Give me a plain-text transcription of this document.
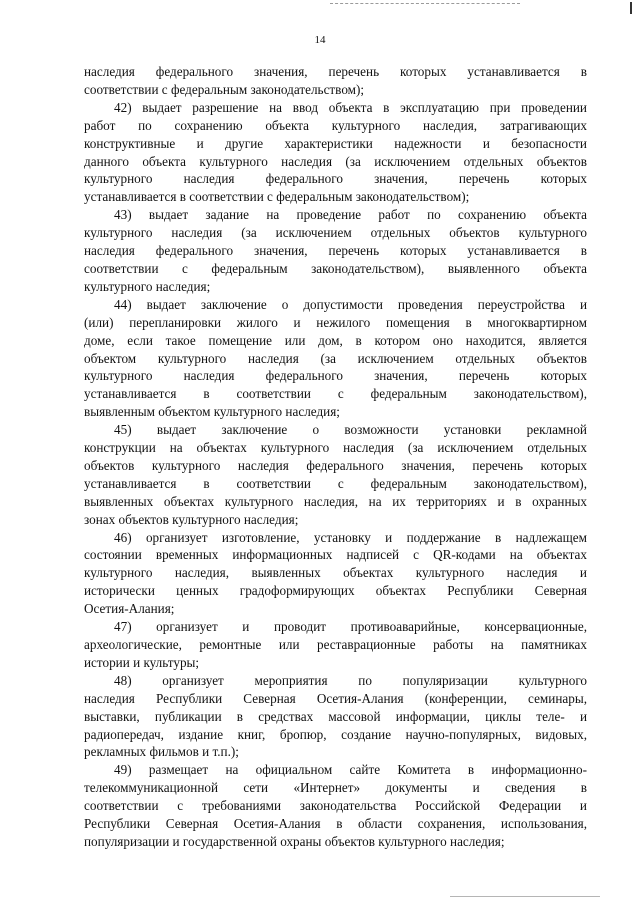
14

наследия федерального значения, перечень которых устанавливается в
соответствии с федеральным законодательством);

42) выдает разрешение на ввод объекта в эксплуатацию при проведении
работ по сохранению объекта культурного наследия, затрагивающих
конструктивные и другие характеристики надежности и безопасности
данного объекта культурного наследия (за исключением отдельных объектов
культурного наследия федерального значения, перечень которых
устанавливается в соответствии с федеральным законодательством);

43) выдает задание на проведение работ по сохранению объекта
культурного наследия (за исключением отдельных объектов культурного
наследия федерального значения, перечень которых устанавливается в
соответствии с федеральным законодательством), выявленного объекта
культурного наследия;

44) выдает заключение о допустимости проведения переустройства и
(или) перепланировки жилого и нежилого помещения в многоквартирном
доме, если такое помещение или дом, в котором оно находится, является
объектом культурного наследия (за исключением отдельных объектов
культурного наследия федерального значения, перечень которых
устанавливается в соответствии с федеральным законодательством),
выявленным объектом культурного наследия;

45) выдает заключение о возможности установки рекламной
конструкции на объектах культурного наследия (за исключением отдельных
объектов культурного наследия федерального значения, перечень которых
устанавливается в соответствии с федеральным законодательством),
выявленных объектах культурного наследия, на их территориях и в охранных
зонах объектов культурного наследия;

46) организует изготовление, установку и поддержание в надлежащем
состоянии временных информационных надписей с QR-кодами на объектах
культурного наследия, выявленных объектах культурного наследия и
исторически ценных градоформирующих объектах Республики Северная
Осетия-Алания;

47) организует и проводит противоаварийные, консервационные,
археологические, ремонтные или реставрационные работы на памятниках
истории и культуры;

48) организует мероприятия по популяризации культурного
наследия Республики Северная Осетия-Алания (конференции, семинары,
выставки, публикации в средствах массовой информации, циклы теле- и
радиопередач, издание книг, бропюр, создание научно-популярных, видовых,
рекламных фильмов и т.п.);

49) размещает на официальном сайте Комитета в информационно-
телекоммуникационной сети «Интернет» документы и сведения в
соответствии с требованиями законодательства Российской Федерации и
Республики Северная Осетия-Алания в области сохранения, использования,
популяризации и государственной охраны объектов культурного наследия;
